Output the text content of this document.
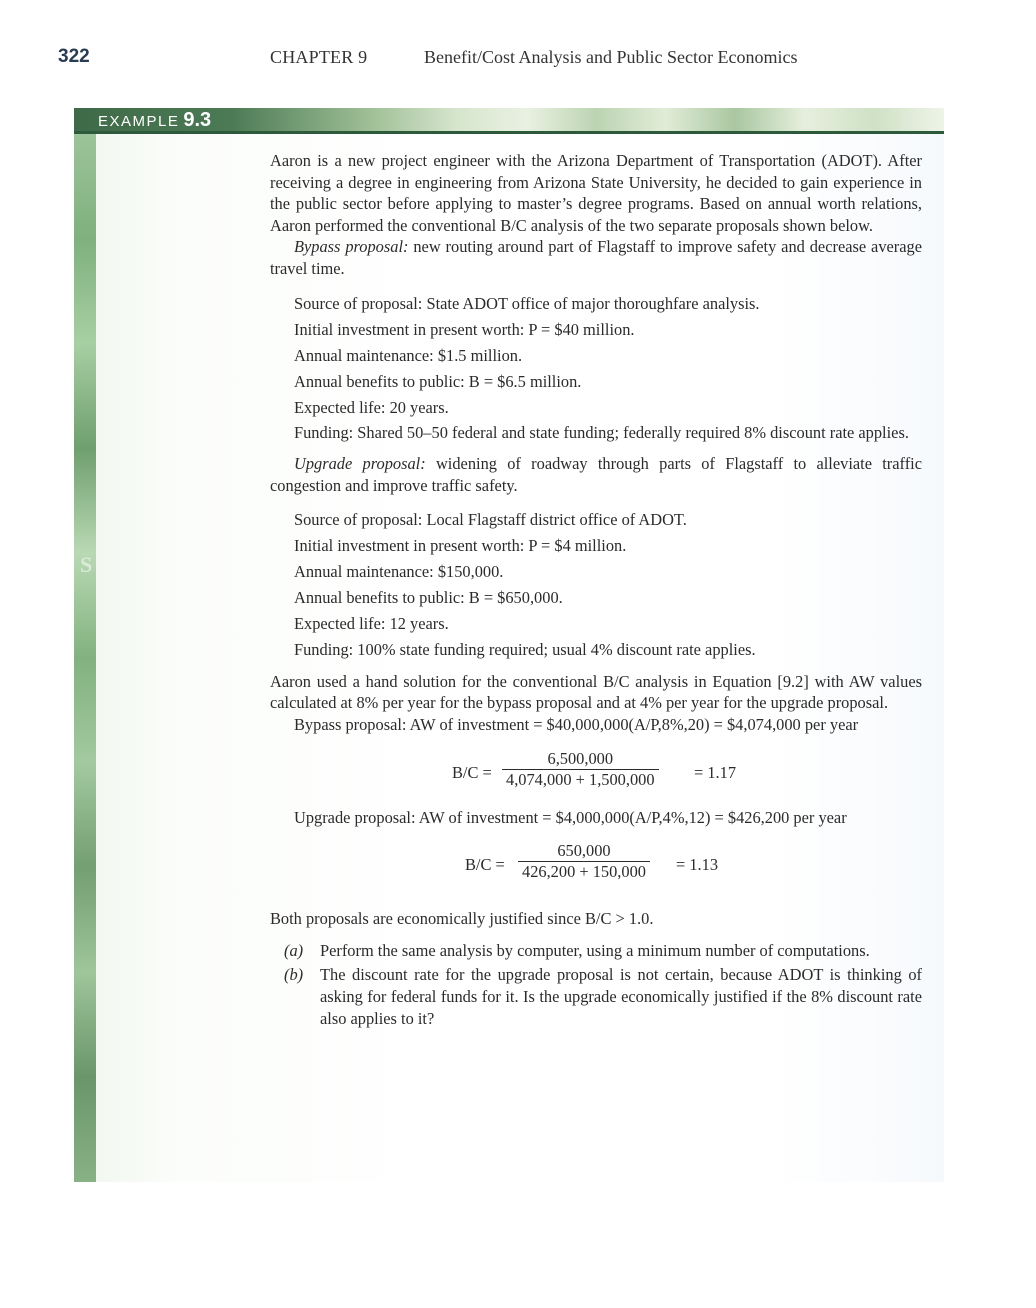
322	CHAPTER 9	Benefit/Cost Analysis and Public Sector Economics
EXAMPLE 9.3
S

Aaron is a new project engineer with the Arizona Department of Transportation (ADOT). After receiving a degree in engineering from Arizona State University, he decided to gain experience in the public sector before applying to master’s degree programs. Based on annual worth relations, Aaron performed the conventional B/C analysis of the two separate proposals shown below.

Bypass proposal: new routing around part of Flagstaff to improve safety and decrease average travel time.

Source of proposal: State ADOT office of major thoroughfare analysis.
Initial investment in present worth: P = $40 million.
Annual maintenance: $1.5 million.
Annual benefits to public: B = $6.5 million.
Expected life: 20 years.
Funding: Shared 50–50 federal and state funding; federally required 8% discount rate applies.

Upgrade proposal: widening of roadway through parts of Flagstaff to alleviate traffic congestion and improve traffic safety.

Source of proposal: Local Flagstaff district office of ADOT.
Initial investment in present worth: P = $4 million.
Annual maintenance: $150,000.
Annual benefits to public: B = $650,000.
Expected life: 12 years.
Funding: 100% state funding required; usual 4% discount rate applies.

Aaron used a hand solution for the conventional B/C analysis in Equation [9.2] with AW values calculated at 8% per year for the bypass proposal and at 4% per year for the upgrade proposal.

Bypass proposal: AW of investment = $40,000,000(A/P,8%,20) = $4,074,000 per year

$B/C = \frac{6,500,000}{4,074,000 + 1,500,000} = 1.17$

Upgrade proposal: AW of investment = $4,000,000(A/P,4%,12) = $426,200 per year

$B/C = \frac{650,000}{426,200 + 150,000} = 1.13$

Both proposals are economically justified since B/C > 1.0.

(a) Perform the same analysis by computer, using a minimum number of computations.
(b) The discount rate for the upgrade proposal is not certain, because ADOT is thinking of asking for federal funds for it. Is the upgrade economically justified if the 8% discount rate also applies to it?
